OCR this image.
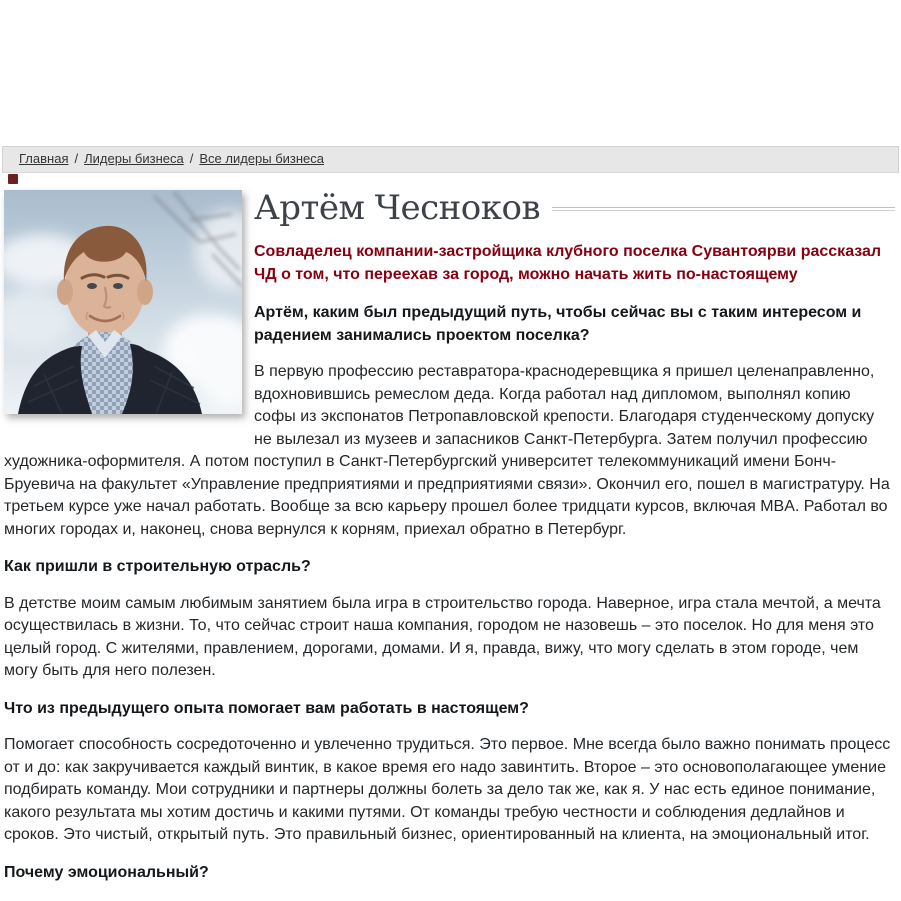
Главная / Лидеры бизнеса / Все лидеры бизнеса
Артём Чесноков

Совладелец компании-застройщика клубного поселка Сувантоярви рассказал ЧД о том, что переехав за город, можно начать жить по-настоящему

Артём, каким был предыдущий путь, чтобы сейчас вы с таким интересом и радением занимались проектом поселка?

В первую профессию реставратора-краснодеревщика я пришел целенаправленно, вдохновившись ремеслом деда. Когда работал над дипломом, выполнял копию софы из экспонатов Петропавловской крепости. Благодаря студенческому допуску не вылезал из музеев и запасников Санкт-Петербурга. Затем получил профессию художника-оформителя. А потом поступил в Санкт-Петербургский университет телекоммуникаций имени Бонч-Бруевича на факультет «Управление предприятиями и предприятиями связи». Окончил его, пошел в магистратуру. На третьем курсе уже начал работать. Вообще за всю карьеру прошел более тридцати курсов, включая MBA. Работал во многих городах и, наконец, снова вернулся к корням, приехал обратно в Петербург.

Как пришли в строительную отрасль?

В детстве моим самым любимым занятием была игра в строительство города. Наверное, игра стала мечтой, а мечта осуществилась в жизни. То, что сейчас строит наша компания, городом не назовешь – это поселок. Но для меня это целый город. С жителями, правлением, дорогами, домами. И я, правда, вижу, что могу сделать в этом городе, чем могу быть для него полезен.

Что из предыдущего опыта помогает вам работать в настоящем?

Помогает способность сосредоточенно и увлеченно трудиться. Это первое. Мне всегда было важно понимать процесс от и до: как закручивается каждый винтик, в какое время его надо завинтить. Второе – это основополагающее умение подбирать команду. Мои сотрудники и партнеры должны болеть за дело так же, как я. У нас есть единое понимание, какого результата мы хотим достичь и какими путями. От команды требую честности и соблюдения дедлайнов и сроков. Это чистый, открытый путь. Это правильный бизнес, ориентированный на клиента, на эмоциональный итог.

Почему эмоциональный?
